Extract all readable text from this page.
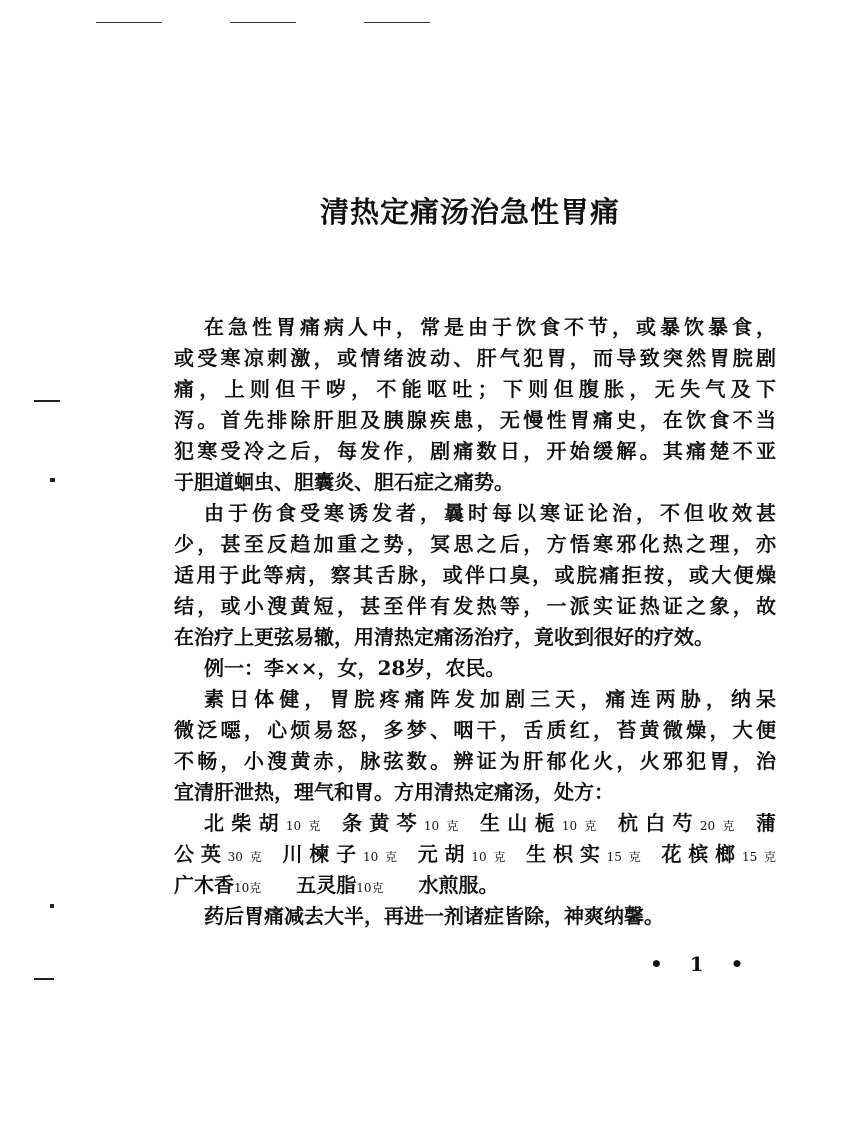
清热定痛汤治急性胃痛
在急性胃痛病人中，常是由于饮食不节，或暴饮暴食，
或受寒凉刺激，或情绪波动、肝气犯胃，而导致突然胃脘剧
痛，上则但干哕，不能呕吐；下则但腹胀，无失气及下
泻。首先排除肝胆及胰腺疾患，无慢性胃痛史，在饮食不当
犯寒受冷之后，每发作，剧痛数日，开始缓解。其痛楚不亚
于胆道蛔虫、胆囊炎、胆石症之痛势。
由于伤食受寒诱发者，曩时每以寒证论治，不但收效甚
少，甚至反趋加重之势，冥思之后，方悟寒邪化热之理，亦
适用于此等病，察其舌脉，或伴口臭，或脘痛拒按，或大便燥
结，或小溲黄短，甚至伴有发热等，一派实证热证之象，故
在治疗上更弦易辙，用清热定痛汤治疗，竟收到很好的疗效。
例一：李××，女，28岁，农民。
素日体健，胃脘疼痛阵发加剧三天，痛连两胁，纳呆
微泛噁，心烦易怒，多梦、咽干，舌质红，苔黄微燥，大便
不畅，小溲黄赤，脉弦数。辨证为肝郁化火，火邪犯胃，治
宜清肝泄热，理气和胃。方用清热定痛汤，处方：
北柴胡10克 条黄芩10克 生山栀10克 杭白芍20克 蒲
公英30克 川楝子10克 元胡10克 生枳实15克 花槟榔15克
广木香10克 五灵脂10克 水煎服。
药后胃痛减去大半，再进一剂诸症皆除，神爽纳馨。
• 1 •
